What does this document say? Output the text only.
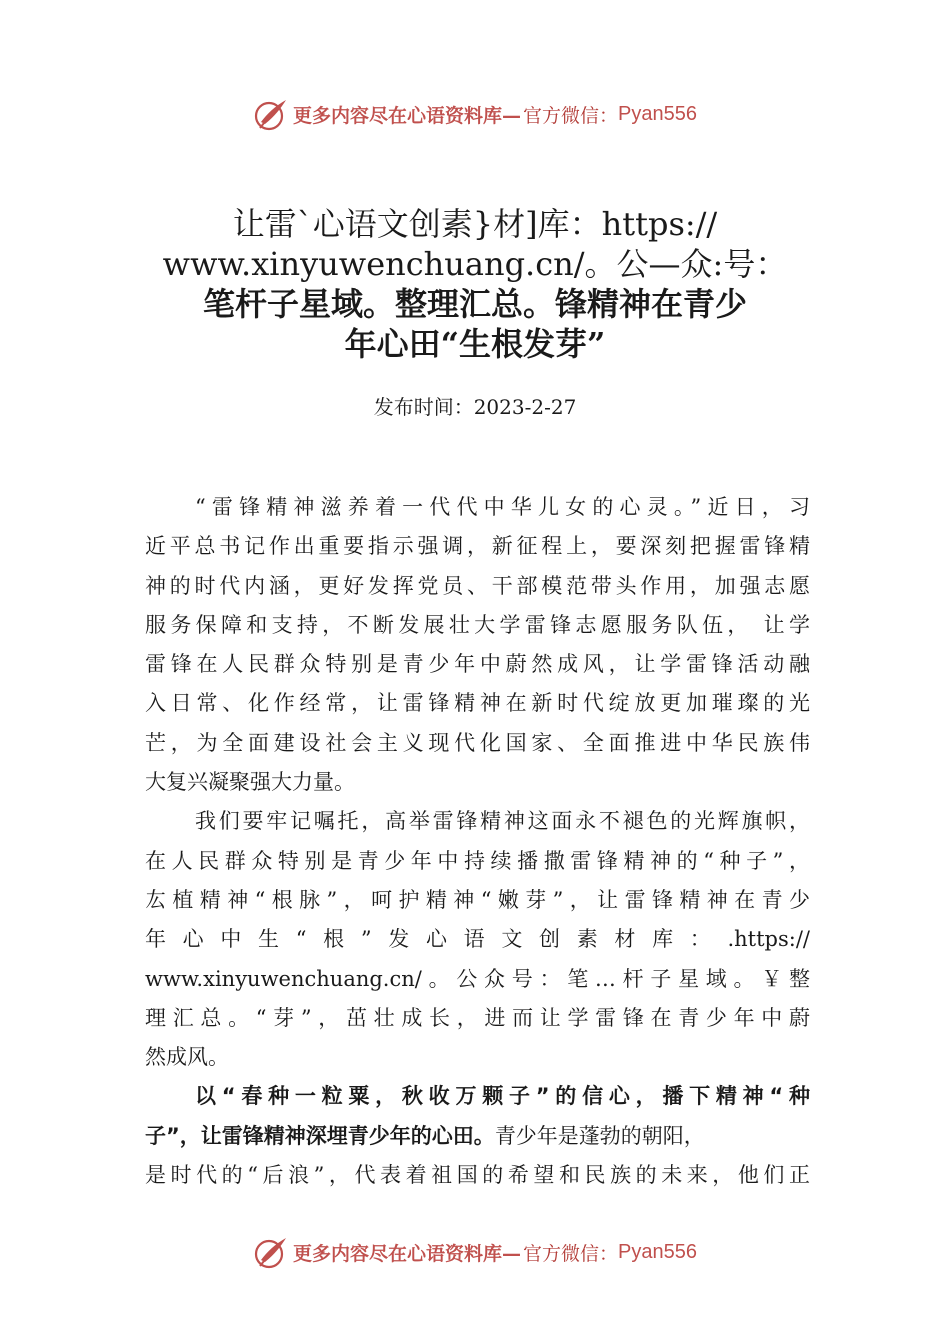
更多内容尽在心语资料库— 官方微信： Pyan556
让雷`心语文创素}材]库：https://
www.xinyuwenchuang.cn/。公—众:号：
笔杆子星域。整理汇总。锋精神在青少
年心田“生根发芽”
发布时间：2023-2-27
“雷锋精神滋养着一代代中华儿女的心灵。”近日，习
近平总书记作出重要指示强调，新征程上，要深刻把握雷锋精
神的时代内涵，更好发挥党员、干部模范带头作用，加强志愿
服务保障和支持，不断发展壮大学雷锋志愿服务队伍， 让学
雷锋在人民群众特别是青少年中蔚然成风，让学雷锋活动融
入日常、化作经常，让雷锋精神在新时代绽放更加璀璨的光
芒，为全面建设社会主义现代化国家、全面推进中华民族伟
大复兴凝聚强大力量。
我们要牢记嘱托，高举雷锋精神这面永不褪色的光辉旗帜，
在人民群众特别是青少年中持续播撒雷锋精神的“种子”，
厷植精神“根脉”，呵护精神“嫩芽”，让雷锋精神在青少
年心中生“根”发心语文创素材库：.https://
www.xinyuwenchuang.cn/。公众号：笔…杆子星域。￥整
理汇总。“芽”，茁壮成长，进而让学雷锋在青少年中蔚
然成风。
以“春种一粒粟，秋收万颗子”的信心，播下精神“种
子”，让雷锋精神深埋青少年的心田。青少年是蓬勃的朝阳，
是时代的“后浪”，代表着祖国的希望和民族的未来，他们正
更多内容尽在心语资料库— 官方微信： Pyan556
